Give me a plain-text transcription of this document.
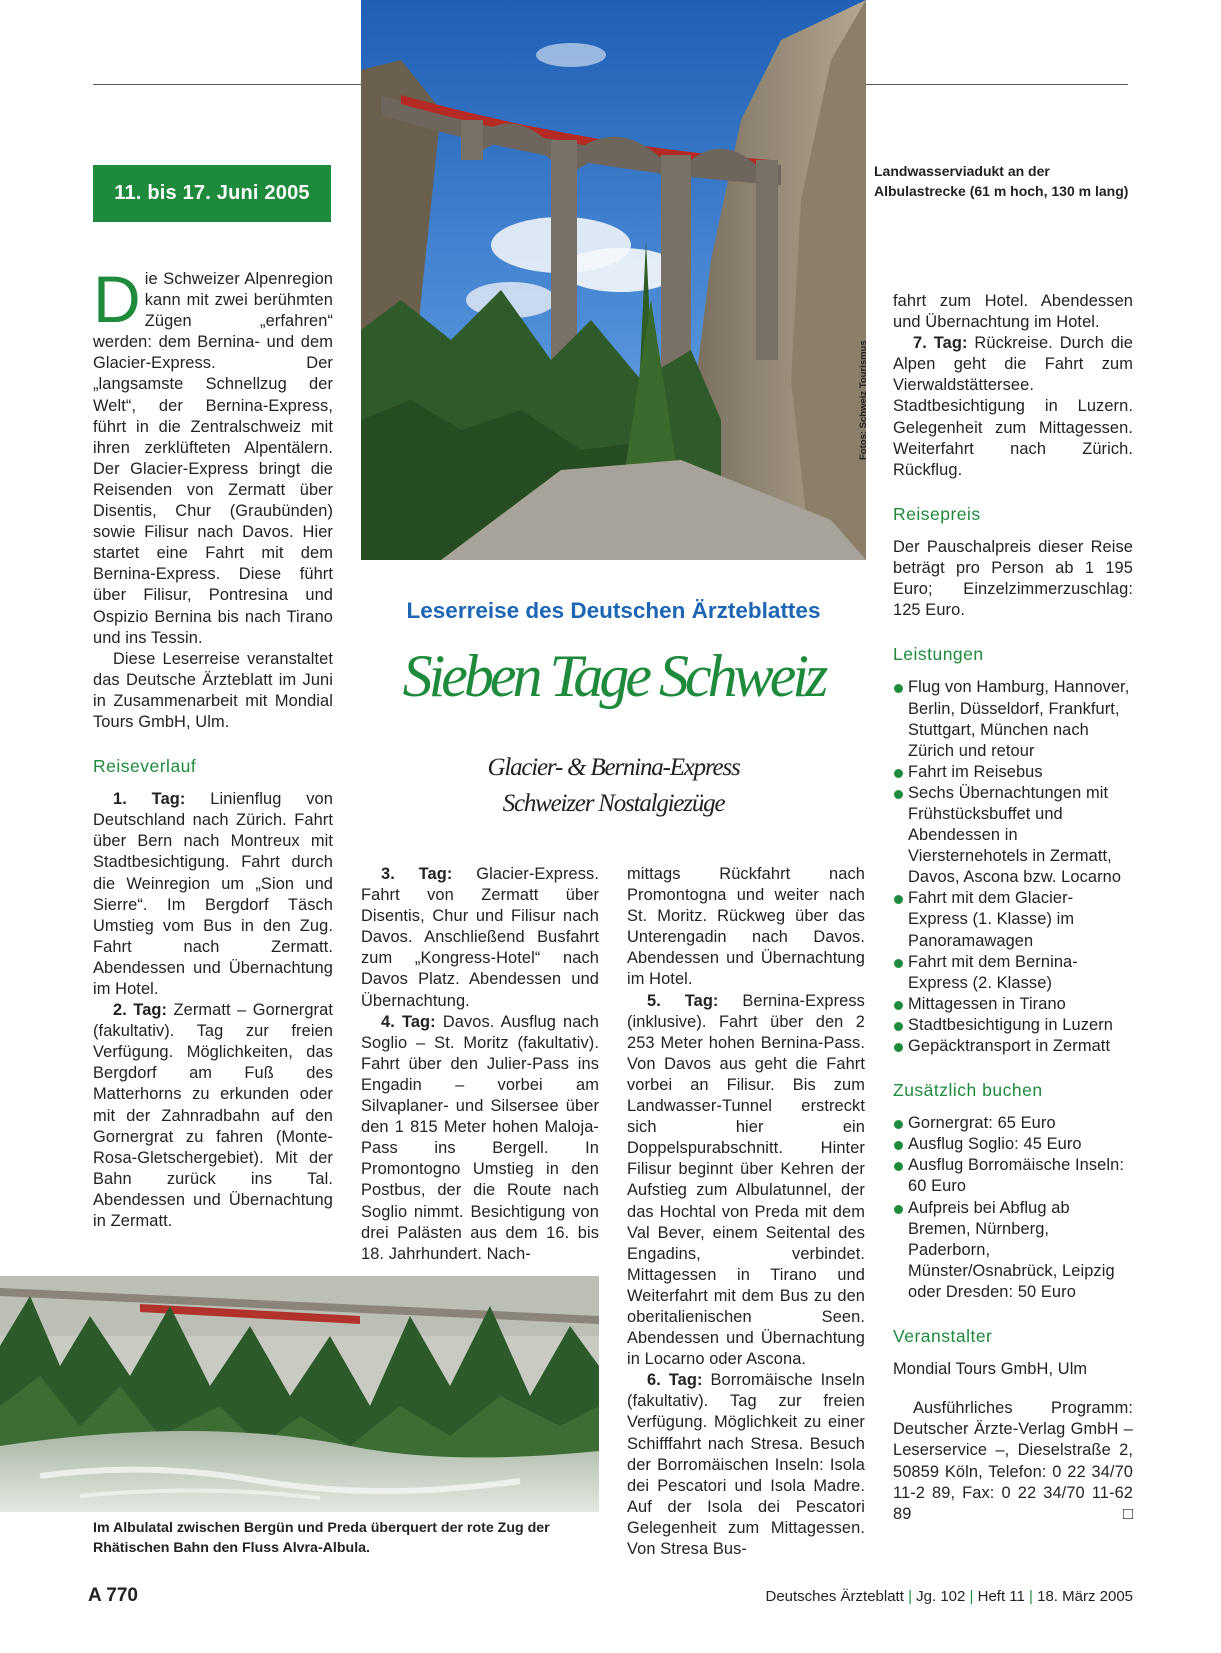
11. bis 17. Juni 2005
Fotos: Schweiz Tourismus
Landwasserviadukt an der Albulastrecke (61 m hoch, 130 m lang)
Leserreise des Deutschen Ärzteblattes
Sieben Tage Schweiz
Glacier- & Bernina-Express
Schweizer Nostalgiezüge

Die Schweizer Alpenregion kann mit zwei berühmten Zügen „erfahren“ werden: dem Bernina- und dem Glacier-Express. Der „langsamste Schnellzug der Welt“, der Bernina-Express, führt in die Zentralschweiz mit ihren zerklüfteten Alpentälern. Der Glacier-Express bringt die Reisenden von Zermatt über Disentis, Chur (Graubünden) sowie Filisur nach Davos. Hier startet eine Fahrt mit dem Bernina-Express. Diese führt über Filisur, Pontresina und Ospizio Bernina bis nach Tirano und ins Tessin.

Diese Leserreise veranstaltet das Deutsche Ärzteblatt im Juni in Zusammenarbeit mit Mondial Tours GmbH, Ulm.

Reiseverlauf

1. Tag: Linienflug von Deutschland nach Zürich. Fahrt über Bern nach Montreux mit Stadtbesichtigung. Fahrt durch die Weinregion um „Sion und Sierre“. Im Bergdorf Täsch Umstieg vom Bus in den Zug. Fahrt nach Zermatt. Abendessen und Übernachtung im Hotel.

2. Tag: Zermatt – Gornergrat (fakultativ). Tag zur freien Verfügung. Möglichkeiten, das Bergdorf am Fuß des Matterhorns zu erkunden oder mit der Zahnradbahn auf den Gornergrat zu fahren (Monte-Rosa-Gletschergebiet). Mit der Bahn zurück ins Tal. Abendessen und Übernachtung in Zermatt.

3. Tag: Glacier-Express. Fahrt von Zermatt über Disentis, Chur und Filisur nach Davos. Anschließend Busfahrt zum „Kongress-Hotel“ nach Davos Platz. Abendessen und Übernachtung.

4. Tag: Davos. Ausflug nach Soglio – St. Moritz (fakultativ). Fahrt über den Julier-Pass ins Engadin – vorbei am Silvaplaner- und Silsersee über den 1 815 Meter hohen Maloja-Pass ins Bergell. In Promontogno Umstieg in den Postbus, der die Route nach Soglio nimmt. Besichtigung von drei Palästen aus dem 16. bis 18. Jahrhundert. Nach-

mittags Rückfahrt nach Promontogna und weiter nach St. Moritz. Rückweg über das Unterengadin nach Davos. Abendessen und Übernachtung im Hotel.

5. Tag: Bernina-Express (inklusive). Fahrt über den 2 253 Meter hohen Bernina-Pass. Von Davos aus geht die Fahrt vorbei an Filisur. Bis zum Landwasser-Tunnel erstreckt sich hier ein Doppelspurabschnitt. Hinter Filisur beginnt über Kehren der Aufstieg zum Albulatunnel, der das Hochtal von Preda mit dem Val Bever, einem Seitental des Engadins, verbindet. Mittagessen in Tirano und Weiterfahrt mit dem Bus zu den oberitalienischen Seen. Abendessen und Übernachtung in Locarno oder Ascona.

6. Tag: Borromäische Inseln (fakultativ). Tag zur freien Verfügung. Möglichkeit zu einer Schifffahrt nach Stresa. Besuch der Borromäischen Inseln: Isola dei Pescatori und Isola Madre. Auf der Isola dei Pescatori Gelegenheit zum Mittagessen. Von Stresa Bus-

fahrt zum Hotel. Abendessen und Übernachtung im Hotel.

7. Tag: Rückreise. Durch die Alpen geht die Fahrt zum Vierwaldstättersee. Stadtbesichtigung in Luzern. Gelegenheit zum Mittagessen. Weiterfahrt nach Zürich. Rückflug.

Reisepreis

Der Pauschalpreis dieser Reise beträgt pro Person ab 1 195 Euro; Einzelzimmerzuschlag: 125 Euro.

Leistungen
Flug von Hamburg, Hannover, Berlin, Düsseldorf, Frankfurt, Stuttgart, München nach Zürich und retour
Fahrt im Reisebus
Sechs Übernachtungen mit Frühstücksbuffet und Abendessen in Viersternehotels in Zermatt, Davos, Ascona bzw. Locarno
Fahrt mit dem Glacier-Express (1. Klasse) im Panoramawagen
Fahrt mit dem Bernina-Express (2. Klasse)
Mittagessen in Tirano
Stadtbesichtigung in Luzern
Gepäcktransport in Zermatt
Zusätzlich buchen
Gornergrat: 65 Euro
Ausflug Soglio: 45 Euro
Ausflug Borromäische Inseln: 60 Euro
Aufpreis bei Abflug ab Bremen, Nürnberg, Paderborn, Münster/Osnabrück, Leipzig oder Dresden: 50 Euro
Veranstalter

Mondial Tours GmbH, Ulm

Ausführliches Programm: Deutscher Ärzte-Verlag GmbH – Leserservice –, Dieselstraße 2, 50859 Köln, Telefon: 0 22 34/70 11-2 89, Fax: 0 22 34/70 11-62 89	□

Im Albulatal zwischen Bergün und Preda überquert der rote Zug der Rhätischen Bahn den Fluss Alvra-Albula.
A 770	Deutsches Ärzteblatt | Jg. 102 | Heft 11 | 18. März 2005
